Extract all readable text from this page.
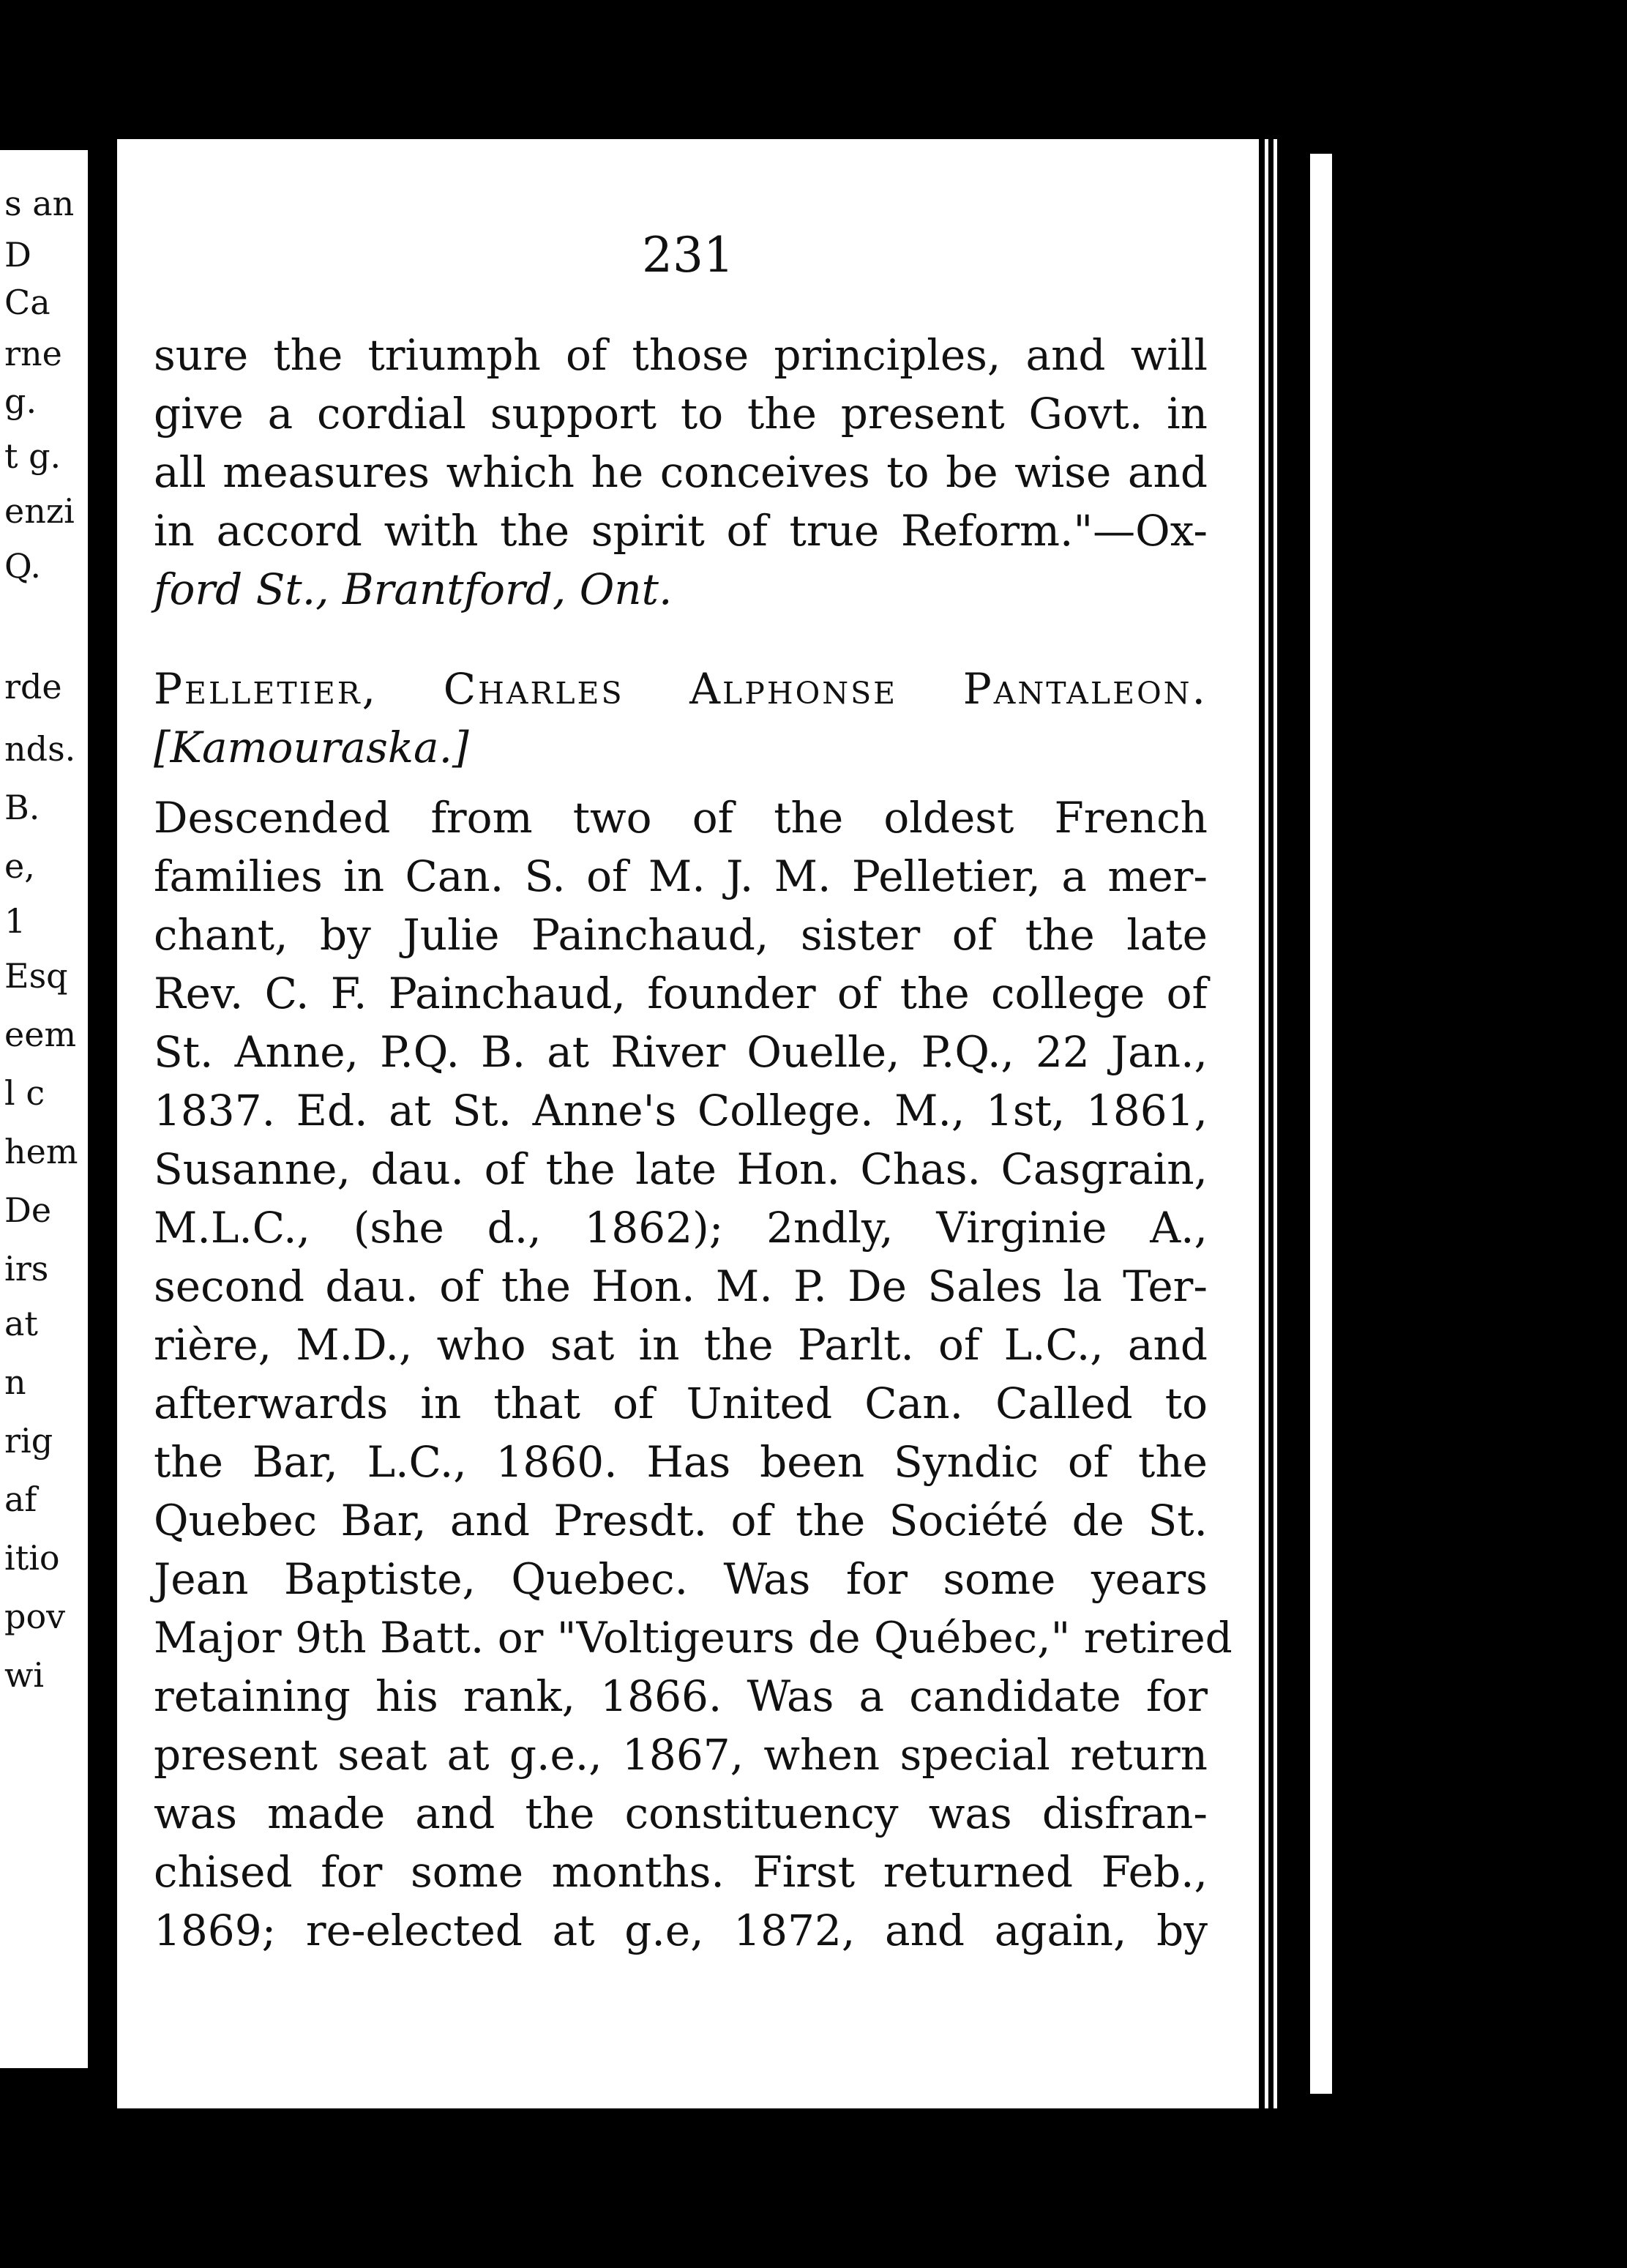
s an
D
Ca
rne
g.
t g.
enzi
Q.
rde
nds.
B.
e,
1
Esq
eem
l c
hem
De
irs
at
n
rig
af
itio
pov
wi
231
sure the triumph of those principles, and will
give a cordial support to the present Govt. in
all measures which he conceives to be wise and
in accord with the spirit of true Reform."—Ox-
ford St., Brantford, Ont.
Pelletier, Charles Alphonse Pantaleon.
[Kamouraska.]
Descended from two of the oldest French
families in Can. S. of M. J. M. Pelletier, a mer-
chant, by Julie Painchaud, sister of the late
Rev. C. F. Painchaud, founder of the college of
St. Anne, P.Q. B. at River Ouelle, P.Q., 22 Jan.,
1837. Ed. at St. Anne's College. M., 1st, 1861,
Susanne, dau. of the late Hon. Chas. Casgrain,
M.L.C., (she d., 1862); 2ndly, Virginie A.,
second dau. of the Hon. M. P. De Sales la Ter-
rière, M.D., who sat in the Parlt. of L.C., and
afterwards in that of United Can. Called to
the Bar, L.C., 1860. Has been Syndic of the
Quebec Bar, and Presdt. of the Société de St.
Jean Baptiste, Quebec. Was for some years
Major 9th Batt. or "Voltigeurs de Québec," retired
retaining his rank, 1866. Was a candidate for
present seat at g.e., 1867, when special return
was made and the constituency was disfran-
chised for some months. First returned Feb.,
1869; re-elected at g.e, 1872, and again, by
